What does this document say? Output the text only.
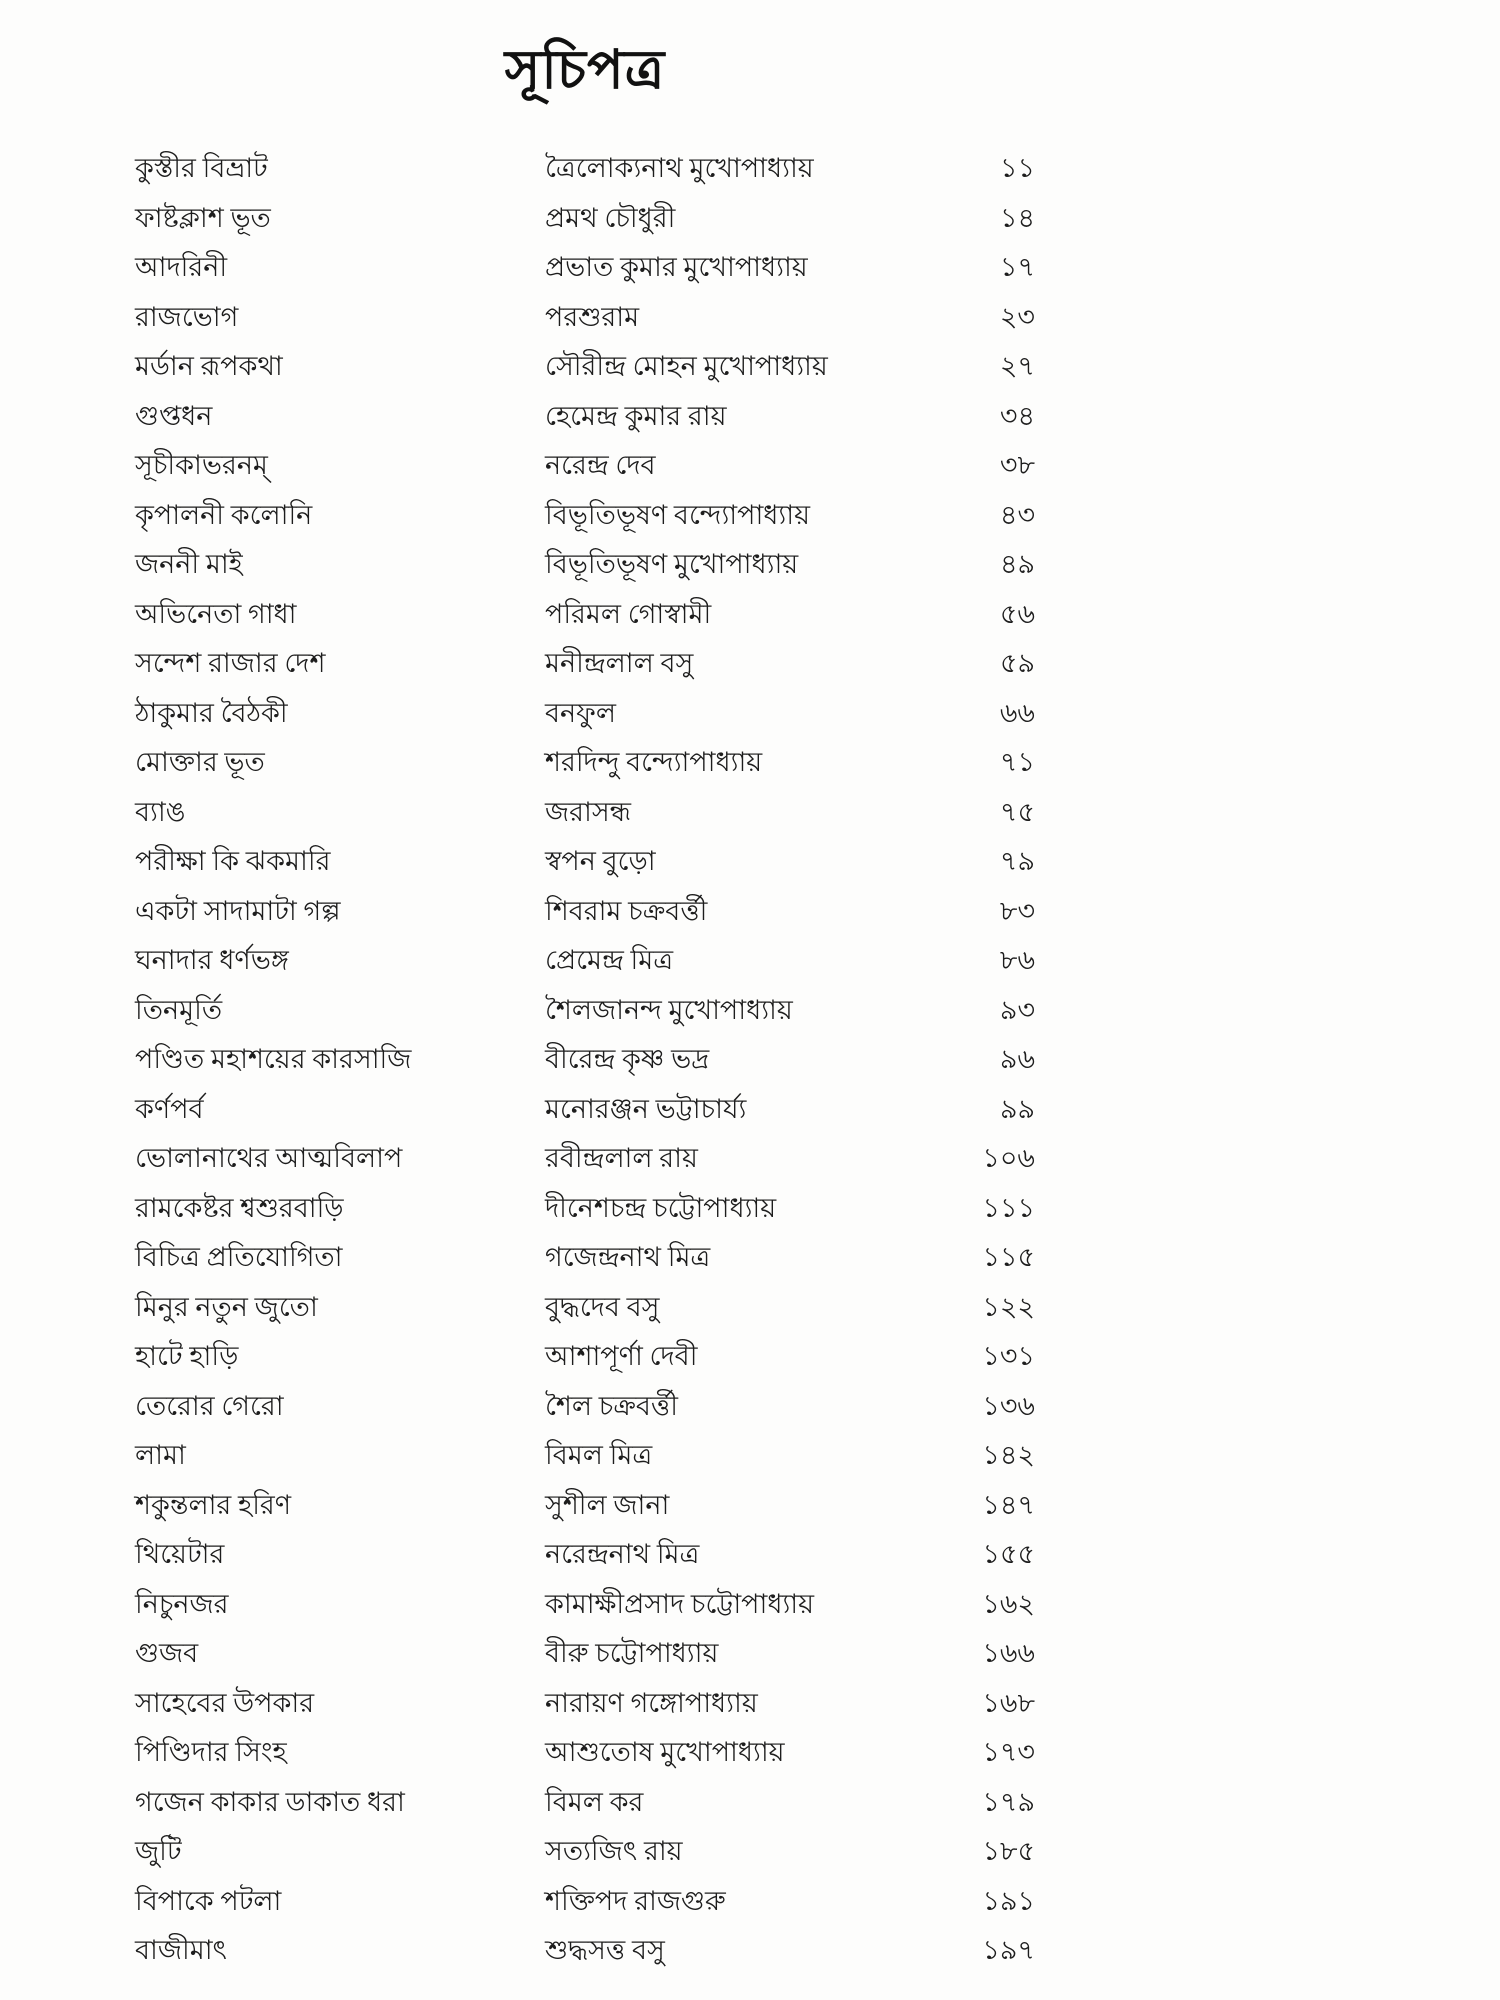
সূচিপত্র
কুস্তীর বিভ্রাট	ত্রৈলোক্যনাথ মুখোপাধ্যায়	১১
ফাষ্টক্লাশ ভূত	প্রমথ চৌধুরী	১৪
আদরিনী	প্রভাত কুমার মুখোপাধ্যায়	১৭
রাজভোগ	পরশুরাম	২৩
মর্ডান রূপকথা	সৌরীন্দ্র মোহন মুখোপাধ্যায়	২৭
গুপ্তধন	হেমেন্দ্র কুমার রায়	৩৪
সূচীকাভরনম্	নরেন্দ্র দেব	৩৮
কৃপালনী কলোনি	বিভূতিভূষণ বন্দ্যোপাধ্যায়	৪৩
জননী মাই	বিভূতিভূষণ মুখোপাধ্যায়	৪৯
অভিনেতা গাধা	পরিমল গোস্বামী	৫৬
সন্দেশ রাজার দেশ	মনীন্দ্রলাল বসু	৫৯
ঠাকুমার বৈঠকী	বনফুল	৬৬
মোক্তার ভূত	শরদিন্দু বন্দ্যোপাধ্যায়	৭১
ব্যাঙ	জরাসন্ধ	৭৫
পরীক্ষা কি ঝকমারি	স্বপন বুড়ো	৭৯
একটা সাদামাটা গল্প	শিবরাম চক্রবর্ত্তী	৮৩
ঘনাদার ধর্ণভঙ্গ	প্রেমেন্দ্র মিত্র	৮৬
তিনমূর্তি	শৈলজানন্দ মুখোপাধ্যায়	৯৩
পণ্ডিত মহাশয়ের কারসাজি	বীরেন্দ্র কৃষ্ণ ভদ্র	৯৬
কর্ণপর্ব	মনোরঞ্জন ভট্টাচার্য্য	৯৯
ভোলানাথের আত্মবিলাপ	রবীন্দ্রলাল রায়	১০৬
রামকেষ্টর শ্বশুরবাড়ি	দীনেশচন্দ্র চট্টোপাধ্যায়	১১১
বিচিত্র প্রতিযোগিতা	গজেন্দ্রনাথ মিত্র	১১৫
মিনুর নতুন জুতো	বুদ্ধদেব বসু	১২২
হাটে হাড়ি	আশাপূর্ণা দেবী	১৩১
তেরোর গেরো	শৈল চক্রবর্ত্তী	১৩৬
লামা	বিমল মিত্র	১৪২
শকুন্তলার হরিণ	সুশীল জানা	১৪৭
থিয়েটার	নরেন্দ্রনাথ মিত্র	১৫৫
নিচুনজর	কামাক্ষীপ্রসাদ চট্টোপাধ্যায়	১৬২
গুজব	বীরু চট্টোপাধ্যায়	১৬৬
সাহেবের উপকার	নারায়ণ গঙ্গোপাধ্যায়	১৬৮
পিণ্ডিদার সিংহ	আশুতোষ মুখোপাধ্যায়	১৭৩
গজেন কাকার ডাকাত ধরা	বিমল কর	১৭৯
জুটি	সত্যজিৎ রায়	১৮৫
বিপাকে পটলা	শক্তিপদ রাজগুরু	১৯১
বাজীমাৎ	শুদ্ধসত্ত বসু	১৯৭
